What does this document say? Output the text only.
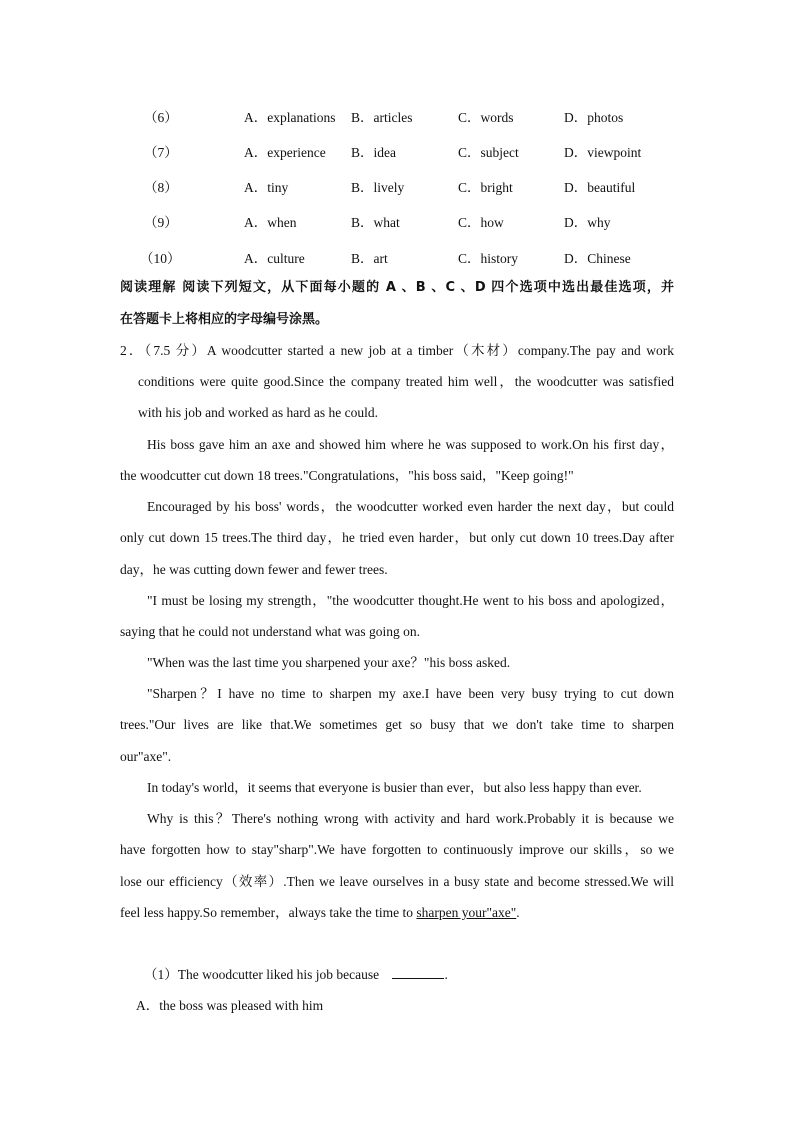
（6）	A．explanations B．articles	C．words	D．photos
（7）	A．experience B．idea	C．subject	D．viewpoint
（8）	A．tiny	B．lively	C．bright	D．beautiful
（9）	A．when	B．what	C．how	D．why
（10）	A．culture	B．art	C．history	D．Chinese
阅读理解 阅读下列短文，从下面每小题的 A 、B 、C 、D 四个选项中选出最佳选项，并
在答题卡上将相应的字母编号涂黑。
2．（7.5 分）A woodcutter started a new job at a timber（木材）company.The pay and work
conditions were quite good.Since the company treated him well，the woodcutter was satisfied
with his job and worked as hard as he could.
His boss gave him an axe and showed him where he was supposed to work.On his first day，
the woodcutter cut down 18 trees."Congratulations，"his boss said，"Keep going!"
Encouraged by his boss' words，the woodcutter worked even harder the next day，but could
only cut down 15 trees.The third day，he tried even harder，but only cut down 10 trees.Day after
day，he was cutting down fewer and fewer trees.
"I must be losing my strength，"the woodcutter thought.He went to his boss and apologized，
saying that he could not understand what was going on.
"When was the last time you sharpened your axe？"his boss asked.
"Sharpen？I have no time to sharpen my axe.I have been very busy trying to cut down
trees."Our lives are like that.We sometimes get so busy that we don't take time to sharpen
our"axe".
In today's world，it seems that everyone is busier than ever，but also less happy than ever.
Why is this？There's nothing wrong with activity and hard work.Probably it is because we
have forgotten how to stay"sharp".We have forgotten to continuously improve our skills，so we
lose our efficiency（效率）.Then we leave ourselves in a busy state and become stressed.We will
feel less happy.So remember，always take the time to sharpen your"axe".
（1）The woodcutter liked his job because	.
A．the boss was pleased with him
